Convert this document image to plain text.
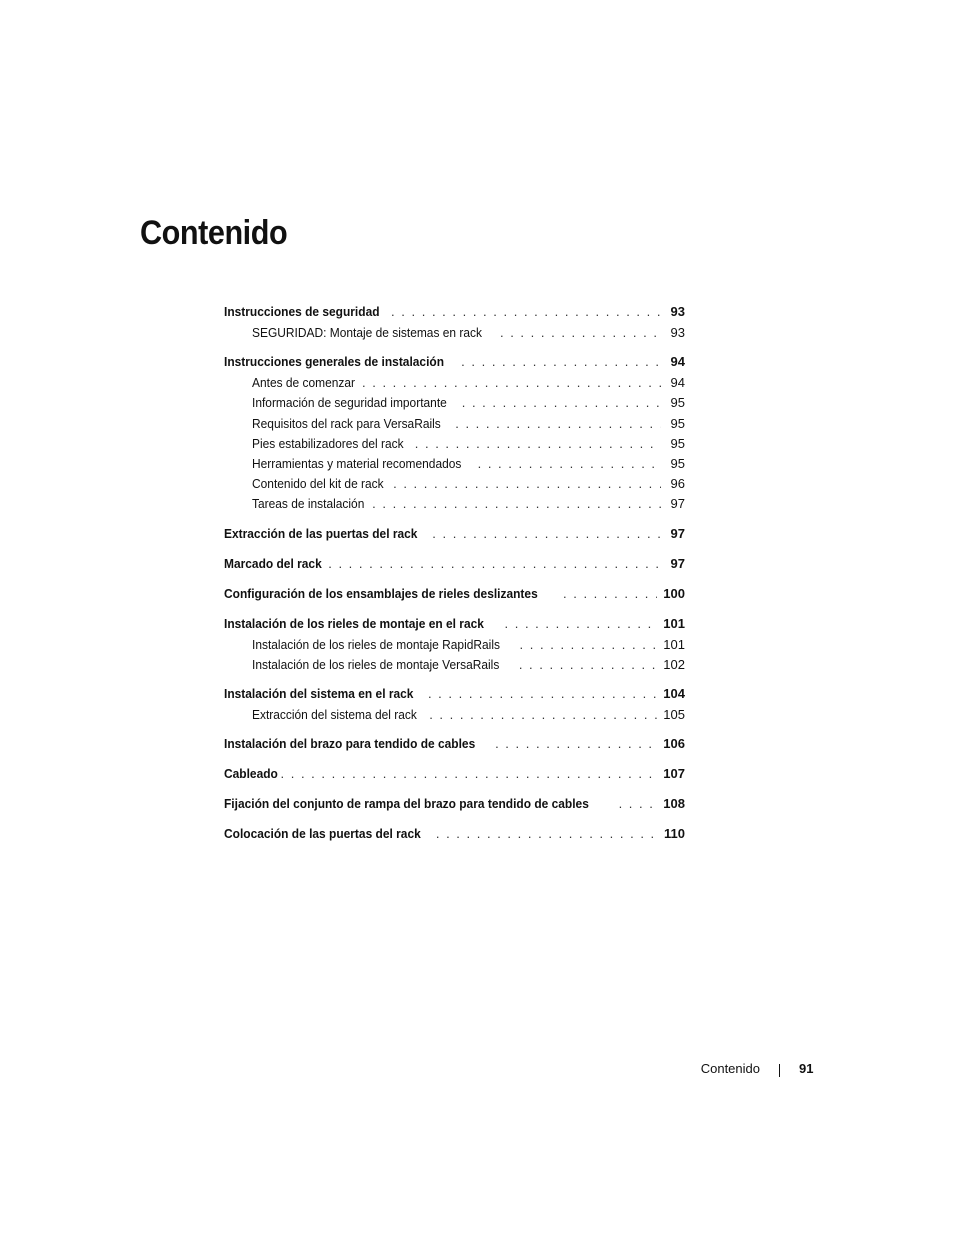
Contenido
Instrucciones de seguridad . . .	93
SEGURIDAD: Montaje de sistemas en rack . . .	93
Instrucciones generales de instalación . . .	94
Antes de comenzar . . .	94
Información de seguridad importante . . .	95
Requisitos del rack para VersaRails . . .	95
Pies estabilizadores del rack . . .	95
Herramientas y material recomendados . . .	95
Contenido del kit de rack . . .	96
Tareas de instalación . . .	97
Extracción de las puertas del rack . . .	97
Marcado del rack . . .	97
Configuración de los ensamblajes de rieles deslizantes . . .	100
Instalación de los rieles de montaje en el rack . . .	101
Instalación de los rieles de montaje RapidRails . . .	101
Instalación de los rieles de montaje VersaRails . . .	102
Instalación del sistema en el rack . . .	104
Extracción del sistema del rack . . .	105
Instalación del brazo para tendido de cables . . .	106
Cableado . . .	107
Fijación del conjunto de rampa del brazo para tendido de cables . . .	108
Colocación de las puertas del rack . . .	110
Contenido	91
